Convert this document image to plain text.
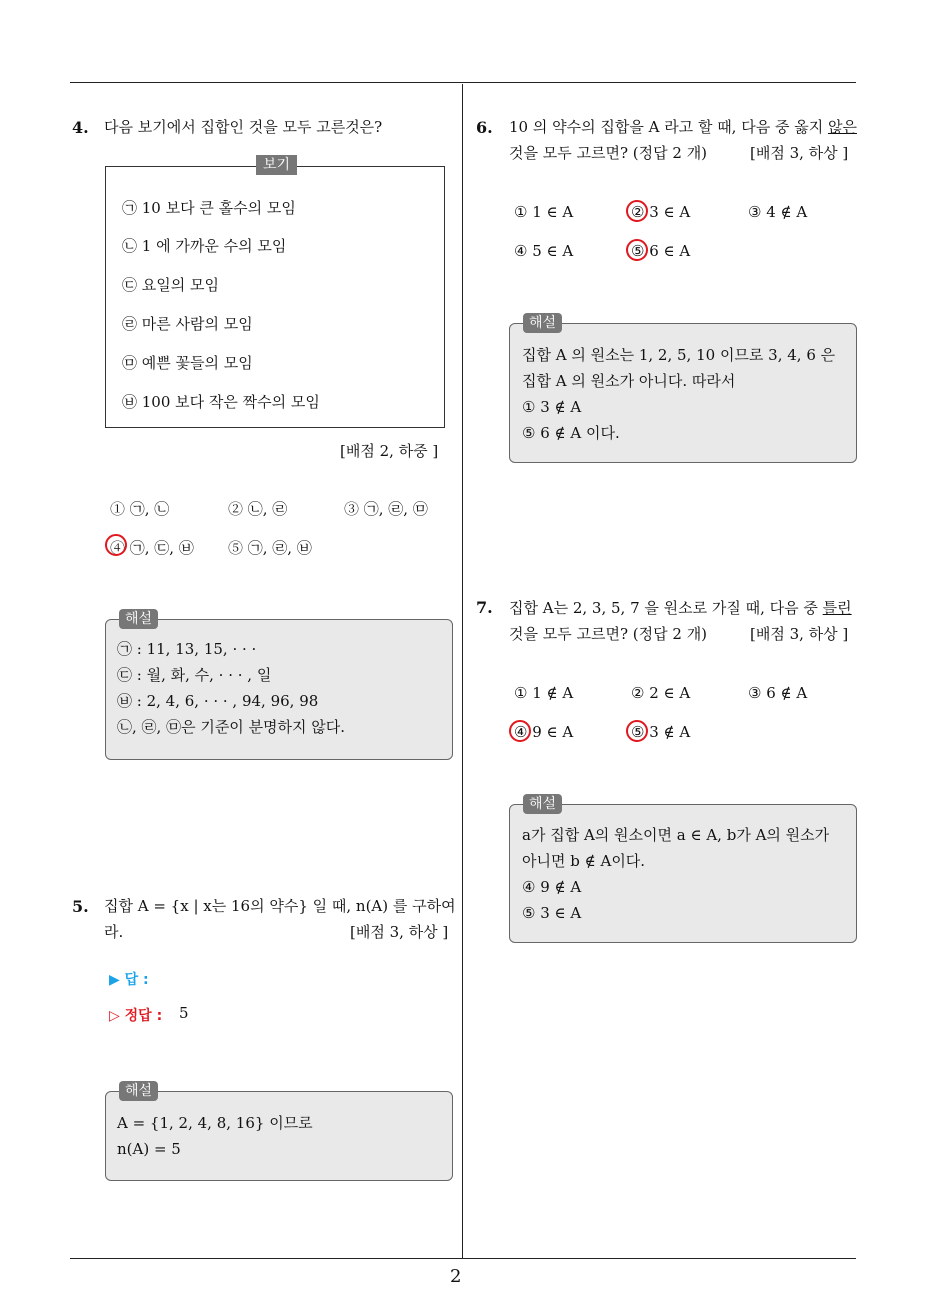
2
4. 다음 보기에서 집합인 것을 모두 고른것은?
보기
㉠ 10 보다 큰 홀수의 모임
㉡ 1 에 가까운 수의 모임
㉢ 요일의 모임
㉣ 마른 사람의 모임
㉤ 예쁜 꽃들의 모임
㉥ 100 보다 작은 짝수의 모임
[배점 2, 하중 ]
① ㉠, ㉡	② ㉡, ㉣	③ ㉠, ㉣, ㉤
④ ㉠, ㉢, ㉥ ⑤ ㉠, ㉣, ㉥
해설
㉠ : 11, 13, 15, · · ·
㉢ : 월, 화, 수, · · · , 일
㉥ : 2, 4, 6, · · · , 94, 96, 98
㉡, ㉣, ㉤은 기준이 분명하지 않다.
5. 집합 A = {x | x는 16의 약수} 일 때, n(A) 를 구하여
라.	[배점 3, 하상 ]
▶ 답 :
▷ 정답 : 5
해설
A = {1, 2, 4, 8, 16} 이므로
n(A) = 5
6. 10 의 약수의 집합을 A 라고 할 때, 다음 중 옳지 않은
것을 모두 고르면? (정답 2 개)	[배점 3, 하상 ]
① 1 ∈ A	② 3 ∈ A	③ 4 ∉ A
④ 5 ∈ A	⑤ 6 ∈ A
해설
집합 A 의 원소는 1, 2, 5, 10 이므로 3, 4, 6 은
집합 A 의 원소가 아니다. 따라서
① 3 ∉ A
⑤ 6 ∉ A 이다.
7. 집합 A는 2, 3, 5, 7 을 원소로 가질 때, 다음 중 틀린
것을 모두 고르면? (정답 2 개)	[배점 3, 하상 ]
① 1 ∉ A	② 2 ∈ A	③ 6 ∉ A
④ 9 ∈ A	⑤ 3 ∉ A
해설
a가 집합 A의 원소이면 a ∈ A, b가 A의 원소가
아니면 b ∉ A이다.
④ 9 ∉ A
⑤ 3 ∈ A
